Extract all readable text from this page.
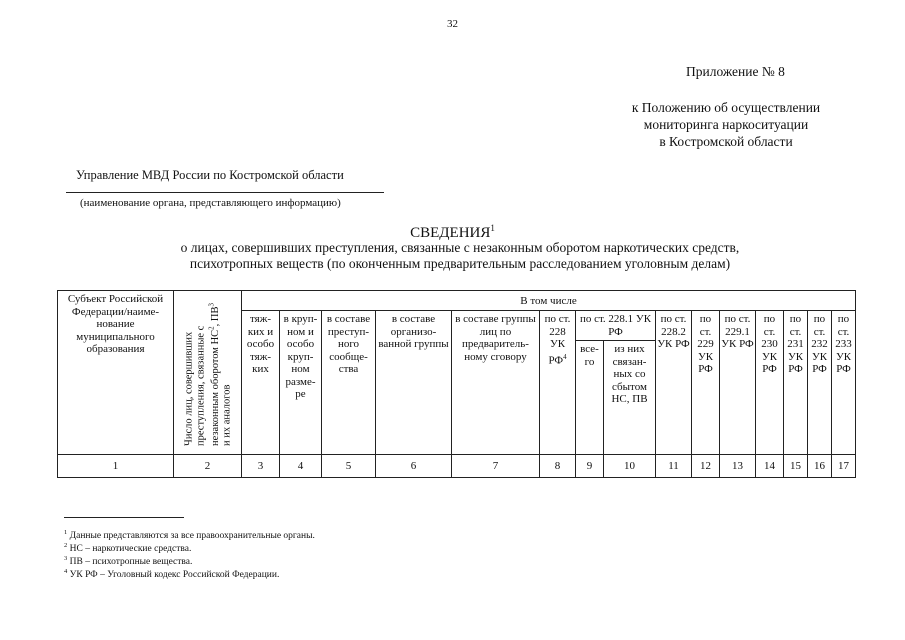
32
Приложение № 8
к Положению об осуществлении
мониторинга наркоситуации
в Костромской области
Управление МВД России по Костромской области
(наименование органа, представляющего информацию)
СВЕДЕНИЯ$^1$
о лицах, совершивших преступления, связанные с незаконным оборотом наркотических средств,
психотропных веществ (по оконченным предварительным расследованием уголовным делам)
Субъект Российской Федерации/наиме-нование муниципального образования	Число лиц, совершивших преступления, связанные с незаконным оборотом $НС^2$, $ПВ^3$ и их аналогов	В том числе														
		тяж-ких и особо тяж-ких	в круп-ном и особо круп-ном разме-ре	в составе преступ-ного сообще-ства	в составе организо-ванной группы	в составе группы лиц по предваритель-ному сговору	по ст. 228 УК $РФ^4$	по ст. 228.1 УК РФ		по ст. 228.2 УК РФ	по ст. 229 УК РФ	по ст. 229.1 УК РФ	по ст. 230 УК РФ	по ст. 231 УК РФ	по ст. 232 УК РФ	по ст. 233 УК РФ
								все-го	из них связан-ных со сбытом НС, ПВ							
1	2	3	4	5	6	7	8	9	10	11	12	13	14	15	16	17
$^1$ Данные представляются за все правоохранительные органы.
$^2$ НС – наркотические средства.
$^3$ ПВ – психотропные вещества.
$^4$ УК РФ – Уголовный кодекс Российской Федерации.
